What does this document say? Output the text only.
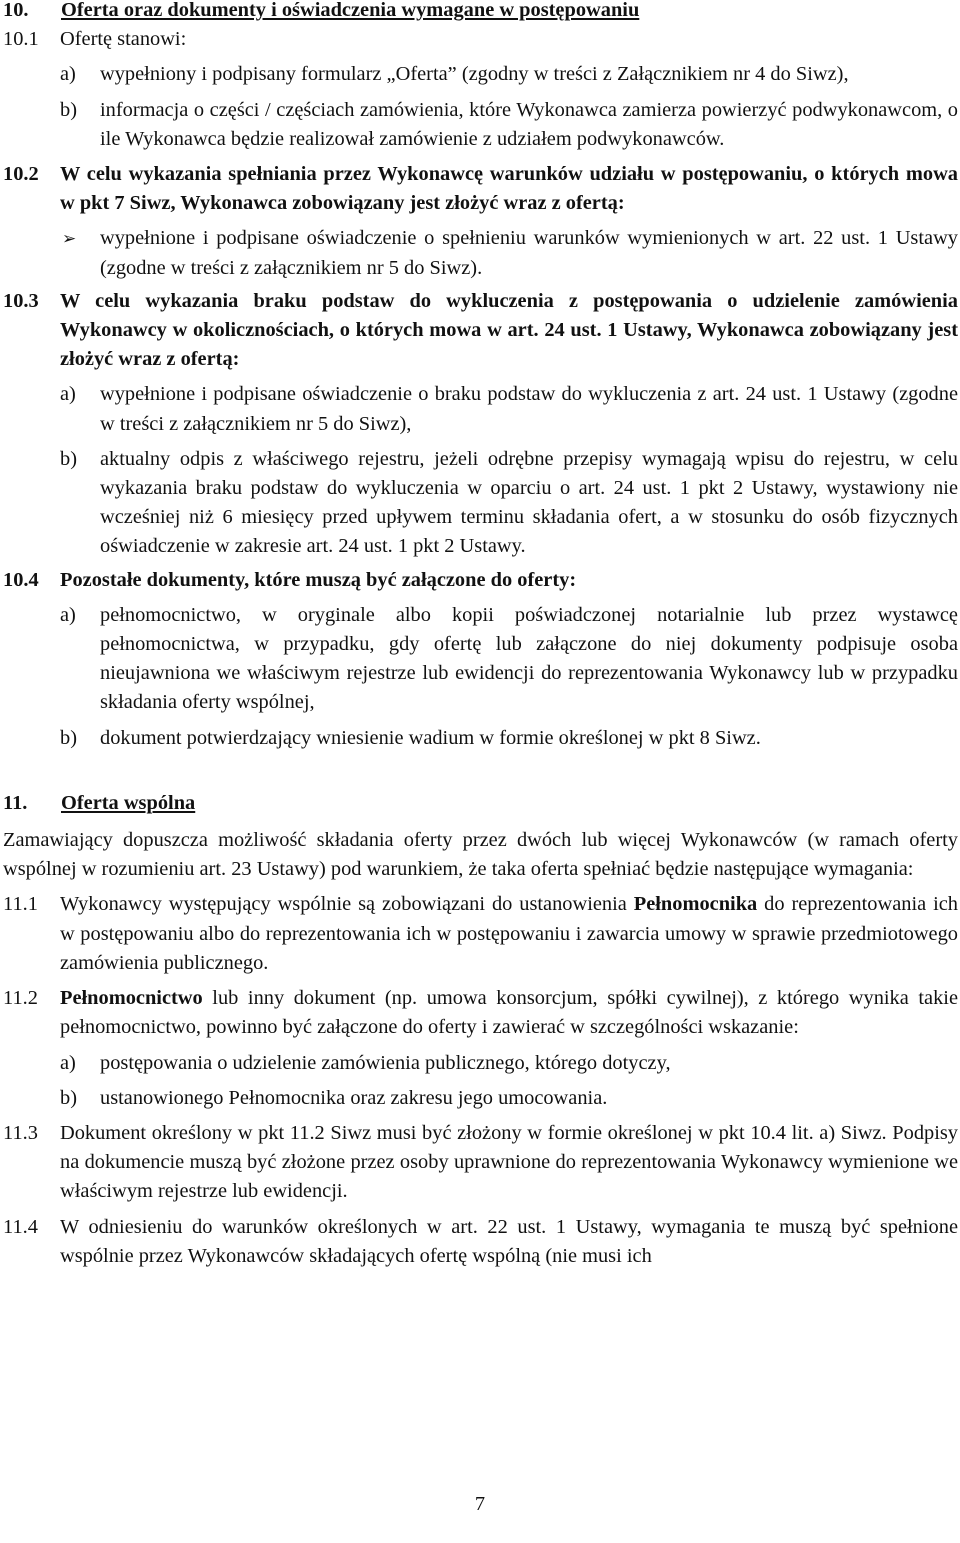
10. Oferta oraz dokumenty i oświadczenia wymagane w postępowaniu
10.1 Ofertę stanowi:
a) wypełniony i podpisany formularz „Oferta” (zgodny w treści z Załącznikiem nr 4 do Siwz),
b) informacja o części / częściach zamówienia, które Wykonawca zamierza powierzyć podwykonawcom, o ile Wykonawca będzie realizował zamówienie z udziałem podwykonawców.
10.2 W celu wykazania spełniania przez Wykonawcę warunków udziału w postępowaniu, o których mowa w pkt 7 Siwz, Wykonawca zobowiązany jest złożyć wraz z ofertą:
➢ wypełnione i podpisane oświadczenie o spełnieniu warunków wymienionych w art. 22 ust. 1 Ustawy (zgodne w treści z załącznikiem nr 5 do Siwz).
10.3 W celu wykazania braku podstaw do wykluczenia z postępowania o udzielenie zamówienia Wykonawcy w okolicznościach, o których mowa w art. 24 ust. 1 Ustawy, Wykonawca zobowiązany jest złożyć wraz z ofertą:
a) wypełnione i podpisane oświadczenie o braku podstaw do wykluczenia z art. 24 ust. 1 Ustawy (zgodne w treści z załącznikiem nr 5 do Siwz),
b) aktualny odpis z właściwego rejestru, jeżeli odrębne przepisy wymagają wpisu do rejestru, w celu wykazania braku podstaw do wykluczenia w oparciu o art. 24 ust. 1 pkt 2 Ustawy, wystawiony nie wcześniej niż 6 miesięcy przed upływem terminu składania ofert, a w stosunku do osób fizycznych oświadczenie w zakresie art. 24 ust. 1 pkt 2 Ustawy.
10.4 Pozostałe dokumenty, które muszą być załączone do oferty:
a) pełnomocnictwo, w oryginale albo kopii poświadczonej notarialnie lub przez wystawcę pełnomocnictwa, w przypadku, gdy ofertę lub załączone do niej dokumenty podpisuje osoba nieujawniona we właściwym rejestrze lub ewidencji do reprezentowania Wykonawcy lub w przypadku składania oferty wspólnej,
b) dokument potwierdzający wniesienie wadium w formie określonej w pkt 8 Siwz.
11. Oferta wspólna
Zamawiający dopuszcza możliwość składania oferty przez dwóch lub więcej Wykonawców (w ramach oferty wspólnej w rozumieniu art. 23 Ustawy) pod warunkiem, że taka oferta spełniać będzie następujące wymagania:
11.1 Wykonawcy występujący wspólnie są zobowiązani do ustanowienia Pełnomocnika do reprezentowania ich w postępowaniu albo do reprezentowania ich w postępowaniu i zawarcia umowy w sprawie przedmiotowego zamówienia publicznego.
11.2 Pełnomocnictwo lub inny dokument (np. umowa konsorcjum, spółki cywilnej), z którego wynika takie pełnomocnictwo, powinno być załączone do oferty i zawierać w szczególności wskazanie:
a) postępowania o udzielenie zamówienia publicznego, którego dotyczy,
b) ustanowionego Pełnomocnika oraz zakresu jego umocowania.
11.3 Dokument określony w pkt 11.2 Siwz musi być złożony w formie określonej w pkt 10.4 lit. a) Siwz. Podpisy na dokumencie muszą być złożone przez osoby uprawnione do reprezentowania Wykonawcy wymienione we właściwym rejestrze lub ewidencji.
11.4 W odniesieniu do warunków określonych w art. 22 ust. 1 Ustawy, wymagania te muszą być spełnione wspólnie przez Wykonawców składających ofertę wspólną (nie musi ich
7
